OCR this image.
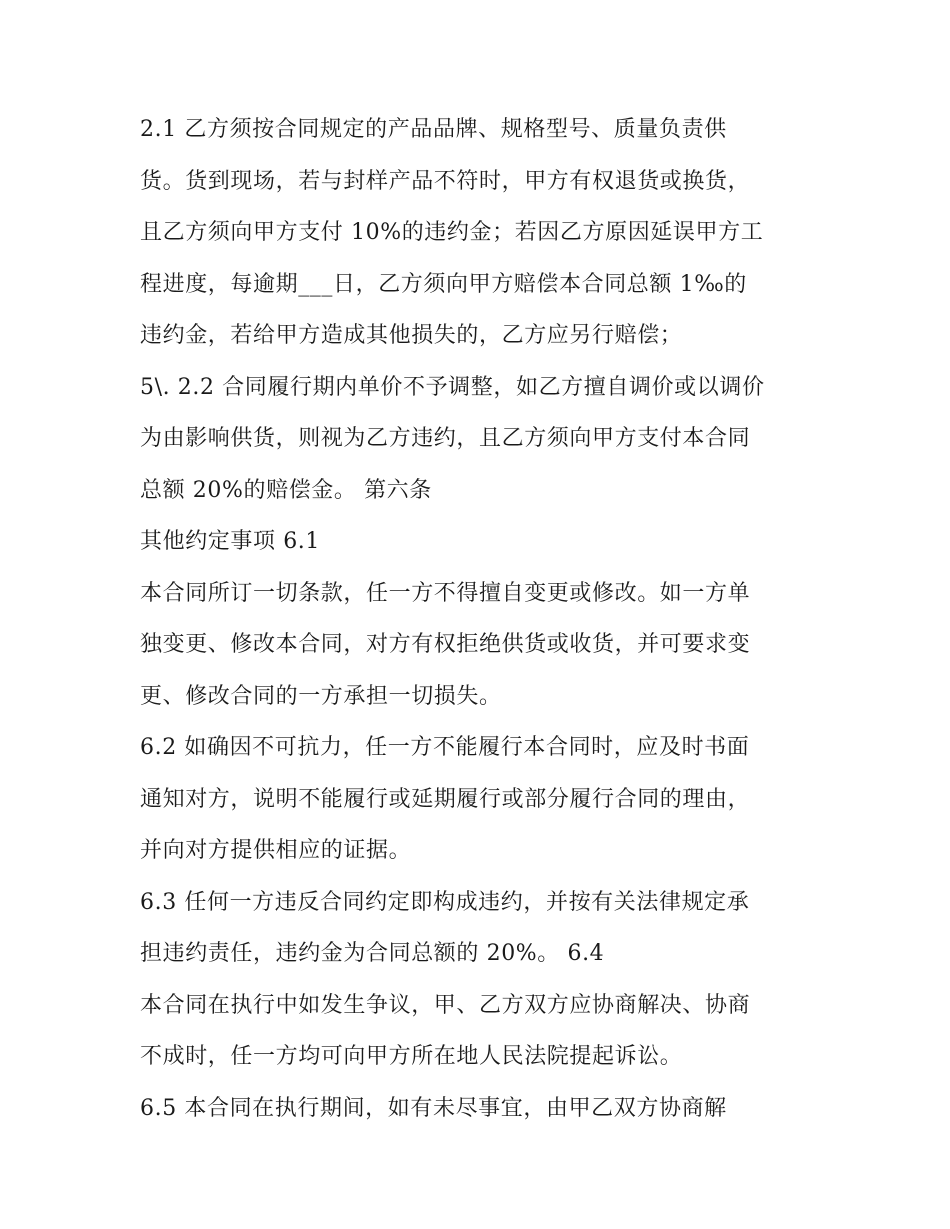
2.1 乙方须按合同规定的产品品牌、规格型号、质量负责供
货。货到现场，若与封样产品不符时，甲方有权退货或换货，
且乙方须向甲方支付 10%的违约金；若因乙方原因延误甲方工
程进度，每逾期___日，乙方须向甲方赔偿本合同总额 1‰的
违约金，若给甲方造成其他损失的，乙方应另行赔偿；
5\. 2.2 合同履行期内单价不予调整，如乙方擅自调价或以调价
为由影响供货，则视为乙方违约，且乙方须向甲方支付本合同
总额 20%的赔偿金。 第六条
其他约定事项 6.1
本合同所订一切条款，任一方不得擅自变更或修改。如一方单
独变更、修改本合同，对方有权拒绝供货或收货，并可要求变
更、修改合同的一方承担一切损失。
6.2 如确因不可抗力，任一方不能履行本合同时，应及时书面
通知对方，说明不能履行或延期履行或部分履行合同的理由，
并向对方提供相应的证据。
6.3 任何一方违反合同约定即构成违约，并按有关法律规定承
担违约责任，违约金为合同总额的 20%。 6.4
本合同在执行中如发生争议，甲、乙方双方应协商解决、协商
不成时，任一方均可向甲方所在地人民法院提起诉讼。
6.5 本合同在执行期间，如有未尽事宜，由甲乙双方协商解
